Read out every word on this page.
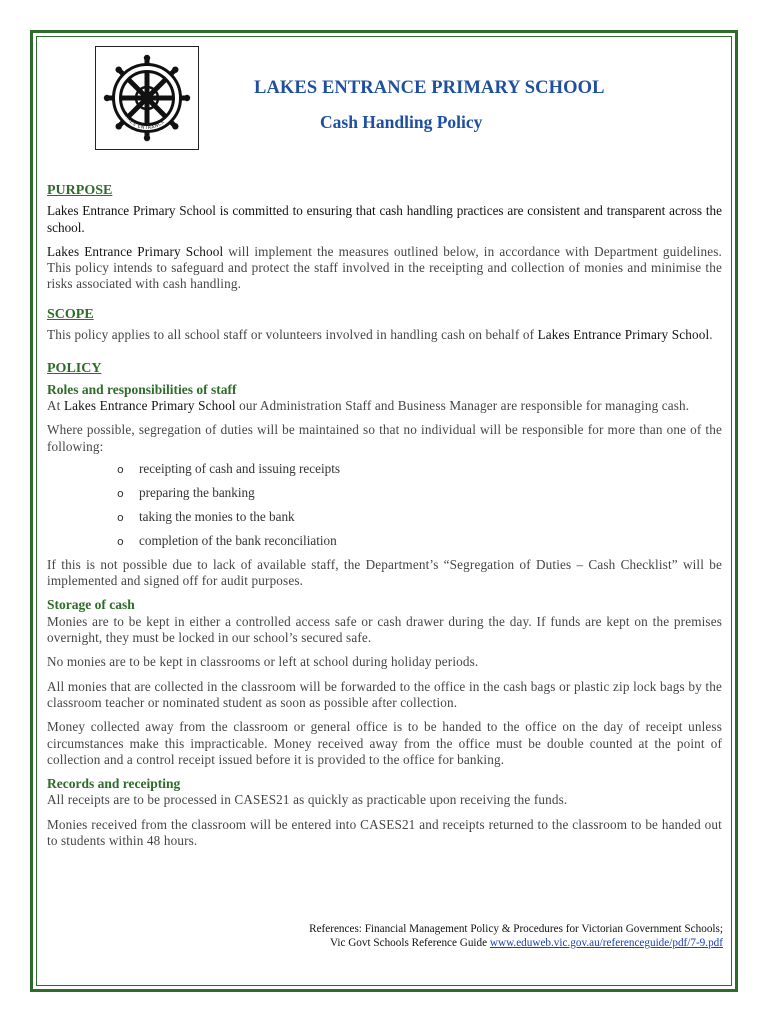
LAKES ENTRANCE
LAKES ENTRANCE PRIMARY SCHOOL
Cash Handling Policy
PURPOSE

Lakes Entrance Primary School is committed to ensuring that cash handling practices are consistent and transparent across the school.

Lakes Entrance Primary School will implement the measures outlined below, in accordance with Department guidelines. This policy intends to safeguard and protect the staff involved in the receipting and collection of monies and minimise the risks associated with cash handling.

SCOPE

This policy applies to all school staff or volunteers involved in handling cash on behalf of Lakes Entrance Primary School.

POLICY
Roles and responsibilities of staff

At Lakes Entrance Primary School our Administration Staff and Business Manager are responsible for managing cash.

Where possible, segregation of duties will be maintained so that no individual will be responsible for more than one of the following:

o receipting of cash and issuing receipts
o preparing the banking
o taking the monies to the bank
o completion of the bank reconciliation

If this is not possible due to lack of available staff, the Department’s “Segregation of Duties – Cash Checklist” will be implemented and signed off for audit purposes.

Storage of cash

Monies are to be kept in either a controlled access safe or cash drawer during the day. If funds are kept on the premises overnight, they must be locked in our school’s secured safe.

No monies are to be kept in classrooms or left at school during holiday periods.

All monies that are collected in the classroom will be forwarded to the office in the cash bags or plastic zip lock bags by the classroom teacher or nominated student as soon as possible after collection.

Money collected away from the classroom or general office is to be handed to the office on the day of receipt unless circumstances make this impracticable. Money received away from the office must be double counted at the point of collection and a control receipt issued before it is provided to the office for banking.

Records and receipting

All receipts are to be processed in CASES21 as quickly as practicable upon receiving the funds.

Monies received from the classroom will be entered into CASES21 and receipts returned to the classroom to be handed out to students within 48 hours.

References: Financial Management Policy & Procedures for Victorian Government Schools;
Vic Govt Schools Reference Guide www.eduweb.vic.gov.au/referenceguide/pdf/7-9.pdf
